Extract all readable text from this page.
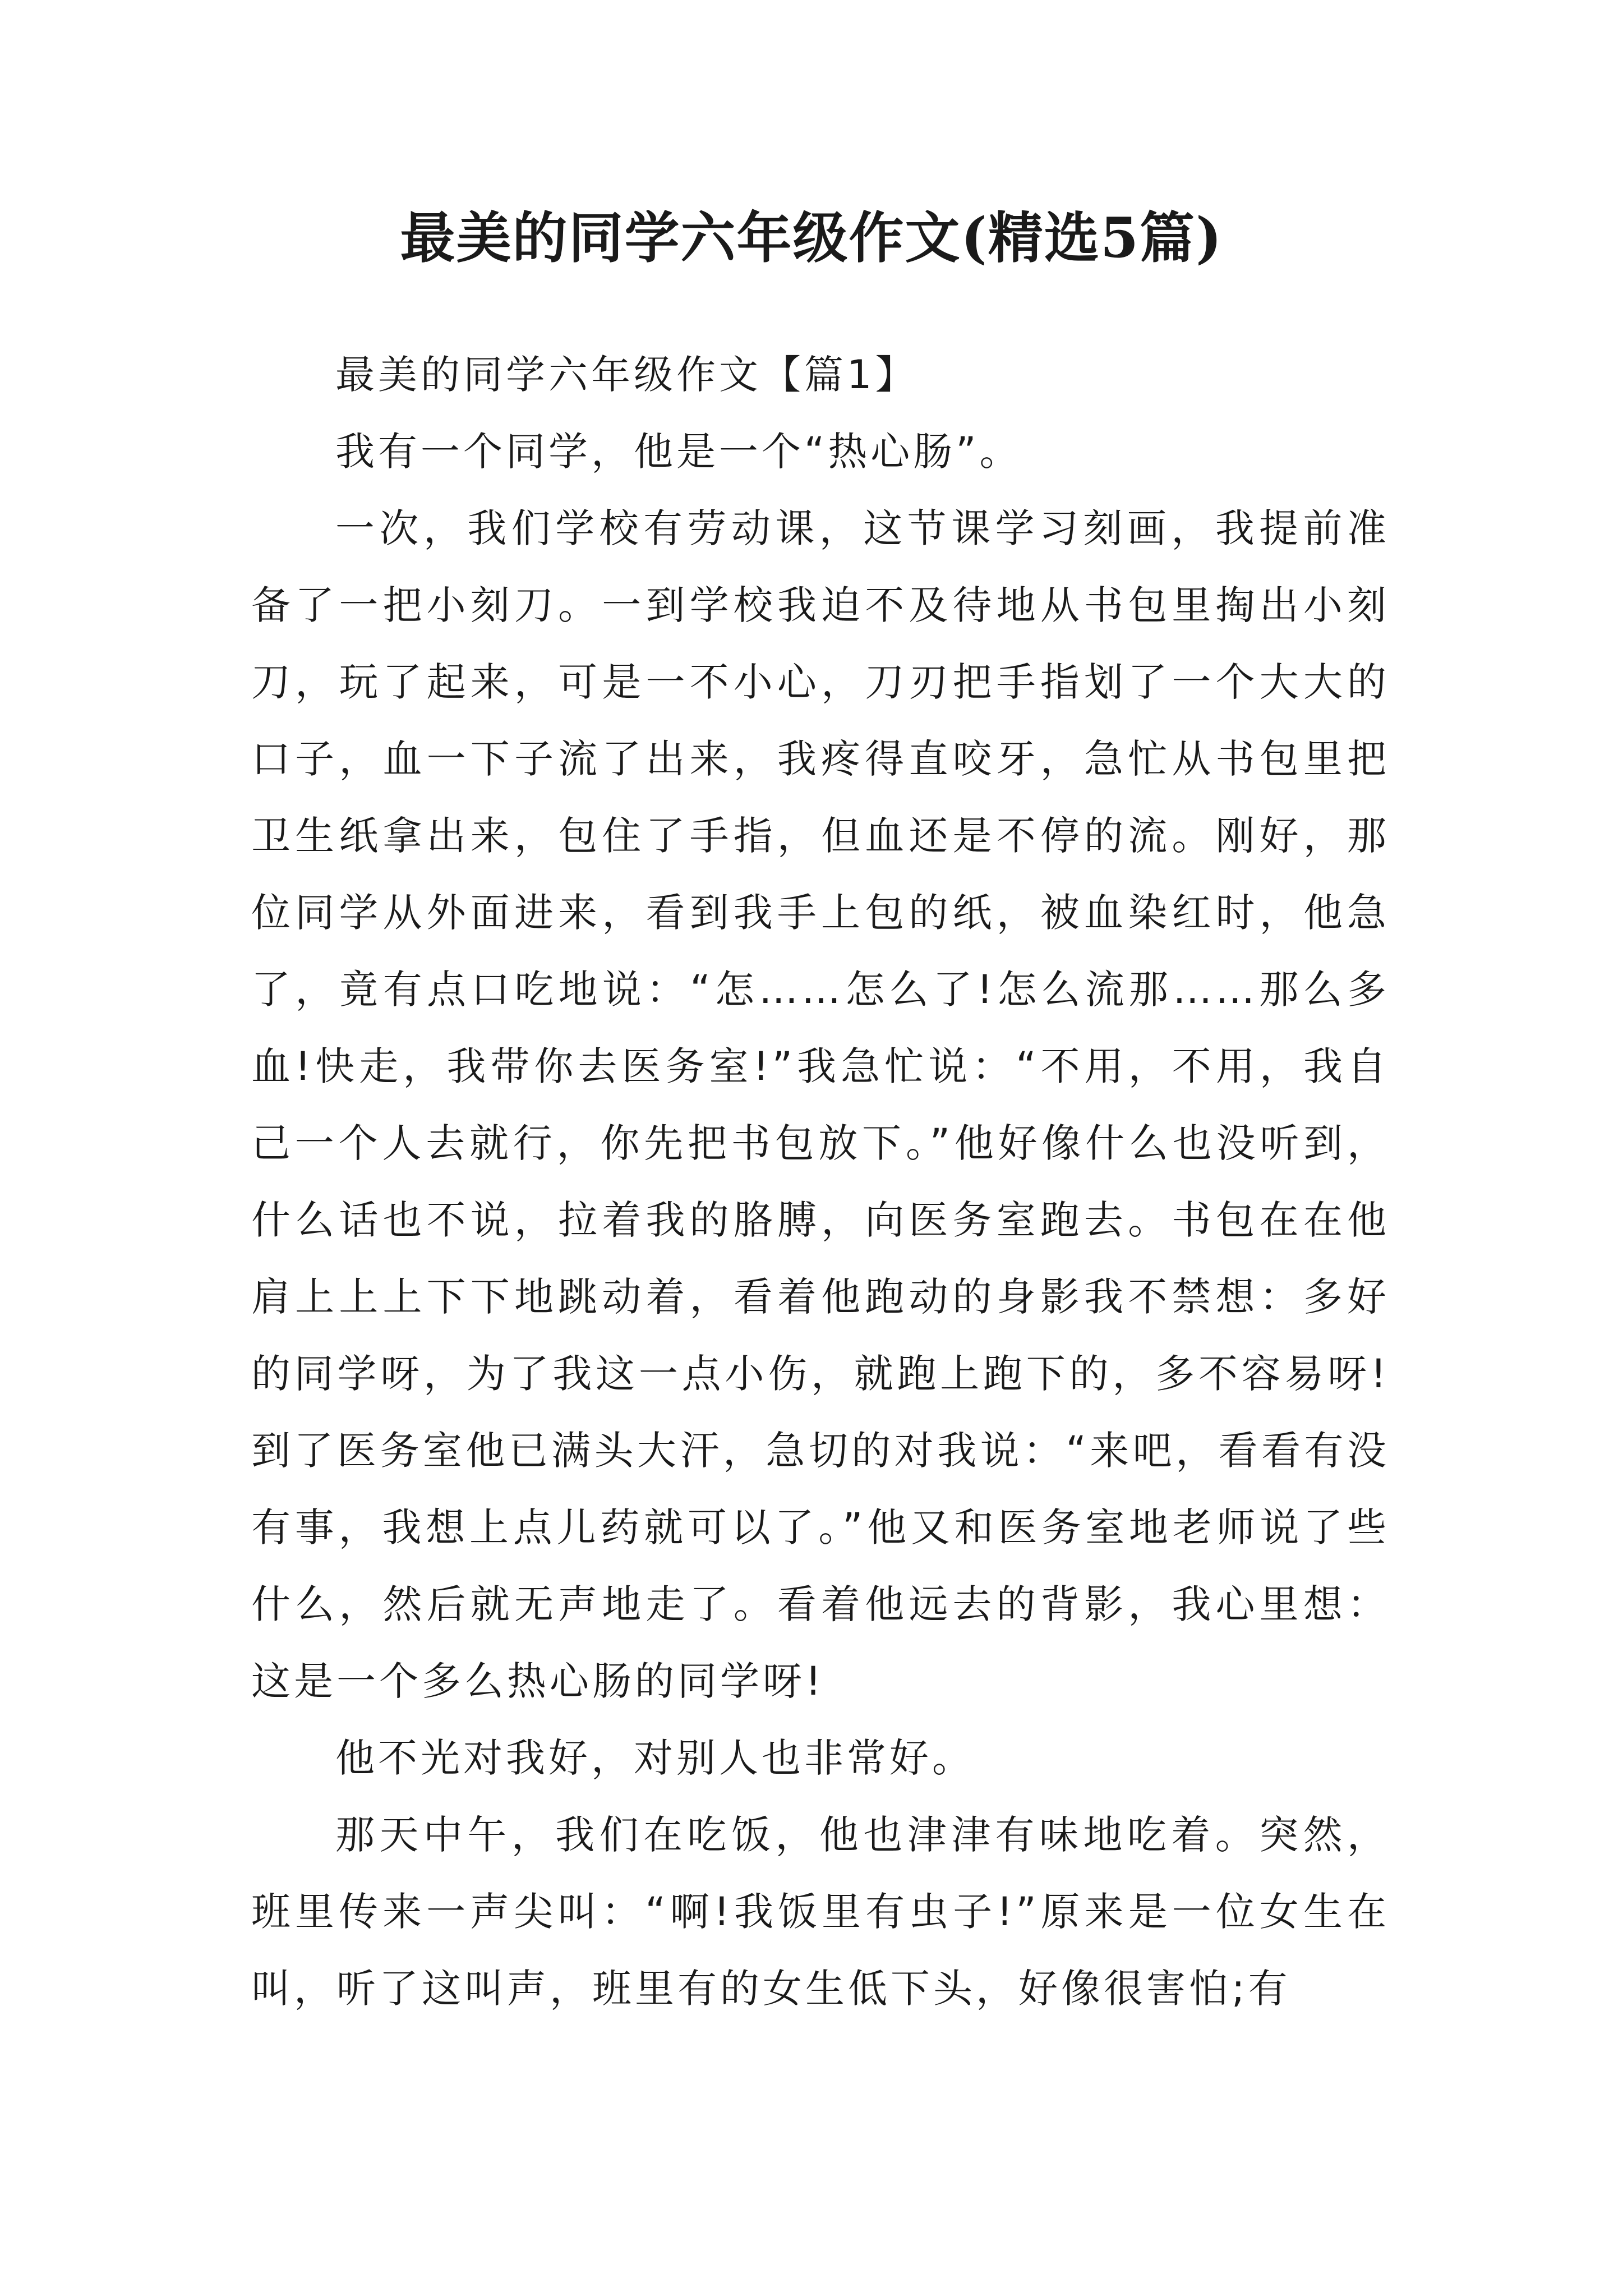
最美的同学六年级作文(精选5篇)

最美的同学六年级作文【篇1】

我有一个同学，他是一个“热心肠”。

一次，我们学校有劳动课，这节课学习刻画，我提前准备了一把小刻刀。一到学校我迫不及待地从书包里掏出小刻刀，玩了起来，可是一不小心，刀刃把手指划了一个大大的口子，血一下子流了出来，我疼得直咬牙，急忙从书包里把卫生纸拿出来，包住了手指，但血还是不停的流。刚好，那位同学从外面进来，看到我手上包的纸，被血染红时，他急了，竟有点口吃地说：“怎……怎么了!怎么流那……那么多血!快走，我带你去医务室!”我急忙说：“不用，不用，我自己一个人去就行，你先把书包放下。”他好像什么也没听到，什么话也不说，拉着我的胳膊，向医务室跑去。书包在在他肩上上上下下地跳动着，看着他跑动的身影我不禁想：多好的同学呀，为了我这一点小伤，就跑上跑下的，多不容易呀!到了医务室他已满头大汗，急切的对我说：“来吧，看看有没有事，我想上点儿药就可以了。”他又和医务室地老师说了些什么，然后就无声地走了。看着他远去的背影，我心里想：这是一个多么热心肠的同学呀!

他不光对我好，对别人也非常好。

那天中午，我们在吃饭，他也津津有味地吃着。突然，班里传来一声尖叫：“啊!我饭里有虫子!”原来是一位女生在叫，听了这叫声，班里有的女生低下头，好像很害怕;有
